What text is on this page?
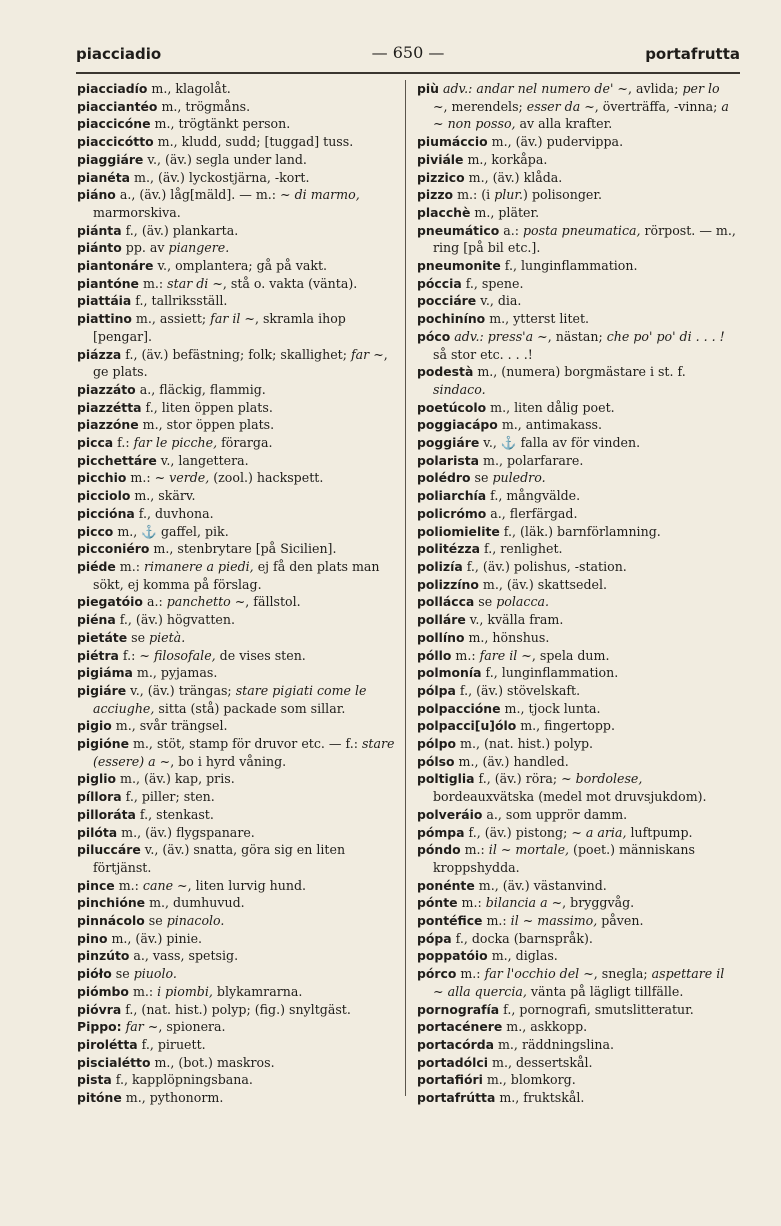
piacciadio	— 650 —	portafrutta
piacciadío m., klagolåt.
piacciantéo m., trögmåns.
piaccicóne m., trögtänkt person.
piaccicótto m., kludd, sudd; [tuggad] tuss.
piaggiáre v., (äv.) segla under land.
pianéta m., (äv.) lyckostjärna, -kort.
piáno a., (äv.) låg[mäld]. — m.: ~ di marmo, marmorskiva.
piánta f., (äv.) plankarta.
piánto pp. av piangere.
piantonáre v., omplantera; gå på vakt.
piantóne m.: star di ~, stå o. vakta (vänta).
piattáia f., tallriksställ.
piattino m., assiett; far il ~, skramla ihop [pengar].
piázza f., (äv.) befästning; folk; skallighet; far ~, ge plats.
piazzáto a., fläckig, flammig.
piazzétta f., liten öppen plats.
piazzóne m., stor öppen plats.
picca f.: far le picche, förarga.
picchettáre v., langettera.
picchio m.: ~ verde, (zool.) hackspett.
picciolo m., skärv.
piccióna f., duvhona.
picco m., ⚓ gaffel, pik.
picconiéro m., stenbrytare [på Sicilien].
piéde m.: rimanere a piedi, ej få den plats man sökt, ej komma på förslag.
piegatóio a.: panchetto ~, fällstol.
piéna f., (äv.) högvatten.
pietáte se pietà.
piétra f.: ~ filosofale, de vises sten.
pigiáma m., pyjamas.
pigiáre v., (äv.) trängas; stare pigiati come le acciughe, sitta (stå) packade som sillar.
pigio m., svår trängsel.
pigióne m., stöt, stamp för druvor etc. — f.: stare (essere) a ~, bo i hyrd våning.
piglio m., (äv.) kap, pris.
píllora f., piller; sten.
pilloráta f., stenkast.
pilóta m., (äv.) flygspanare.
piluccáre v., (äv.) snatta, göra sig en liten förtjänst.
pince m.: cane ~, liten lurvig hund.
pinchióne m., dumhuvud.
pinnácolo se pinacolo.
pino m., (äv.) pinie.
pinzúto a., vass, spetsig.
pióło se piuolo.
piómbo m.: i piombi, blykamrarna.
pióvra f., (nat. hist.) polyp; (fig.) snyltgäst.
Pippo: far ~, spionera.
pirolétta f., piruett.
piscialétto m., (bot.) maskros.
pista f., kapplöpningsbana.
pitóne m., pythonorm.
più adv.: andar nel numero de' ~, avlida; per lo ~, merendels; esser da ~, överträffa, -vinna; a ~ non posso, av alla krafter.
piumáccio m., (äv.) pudervippa.
piviále m., korkåpa.
pizzico m., (äv.) klåda.
pizzo m.: (i plur.) polisonger.
placchè m., pläter.
pneumático a.: posta pneumatica, rörpost. — m., ring [på bil etc.].
pneumonite f., lunginflammation.
póccia f., spene.
pocciáre v., dia.
pochiníno m., ytterst litet.
póco adv.: press'a ~, nästan; che po' po' di . . . ! så stor etc. . . .!
podestà m., (numera) borgmästare i st. f. sindaco.
poetúcolo m., liten dålig poet.
poggiacápo m., antimakass.
poggiáre v., ⚓ falla av för vinden.
polarista m., polarfarare.
polédro se puledro.
poliarchía f., mångvälde.
policrómo a., flerfärgad.
poliomielite f., (läk.) barnförlamning.
politézza f., renlighet.
polizía f., (äv.) polishus, -station.
polizzíno m., (äv.) skattsedel.
pollácca se polacca.
polláre v., kvälla fram.
pollíno m., hönshus.
póllo m.: fare il ~, spela dum.
polmonía f., lunginflammation.
pólpa f., (äv.) stövelskaft.
polpaccióne m., tjock lunta.
polpacci[u]ólo m., fingertopp.
pólpo m., (nat. hist.) polyp.
pólso m., (äv.) handled.
poltiglia f., (äv.) röra; ~ bordolese, bordeauxvätska (medel mot druvsjukdom).
polveráio a., som upprör damm.
pómpa f., (äv.) pistong; ~ a aria, luftpump.
póndo m.: il ~ mortale, (poet.) människans kroppshydda.
ponénte m., (äv.) västanvind.
pónte m.: bilancia a ~, bryggvåg.
pontéfice m.: il ~ massimo, påven.
pópa f., docka (barnspråk).
poppatóio m., diglas.
pórco m.: far l'occhio del ~, snegla; aspettare il ~ alla quercia, vänta på lägligt tillfälle.
pornografía f., pornografi, smutslitteratur.
portacénere m., askkopp.
portacórda m., räddningslina.
portadólci m., dessertskål.
portafióri m., blomkorg.
portafrútta m., fruktskål.
